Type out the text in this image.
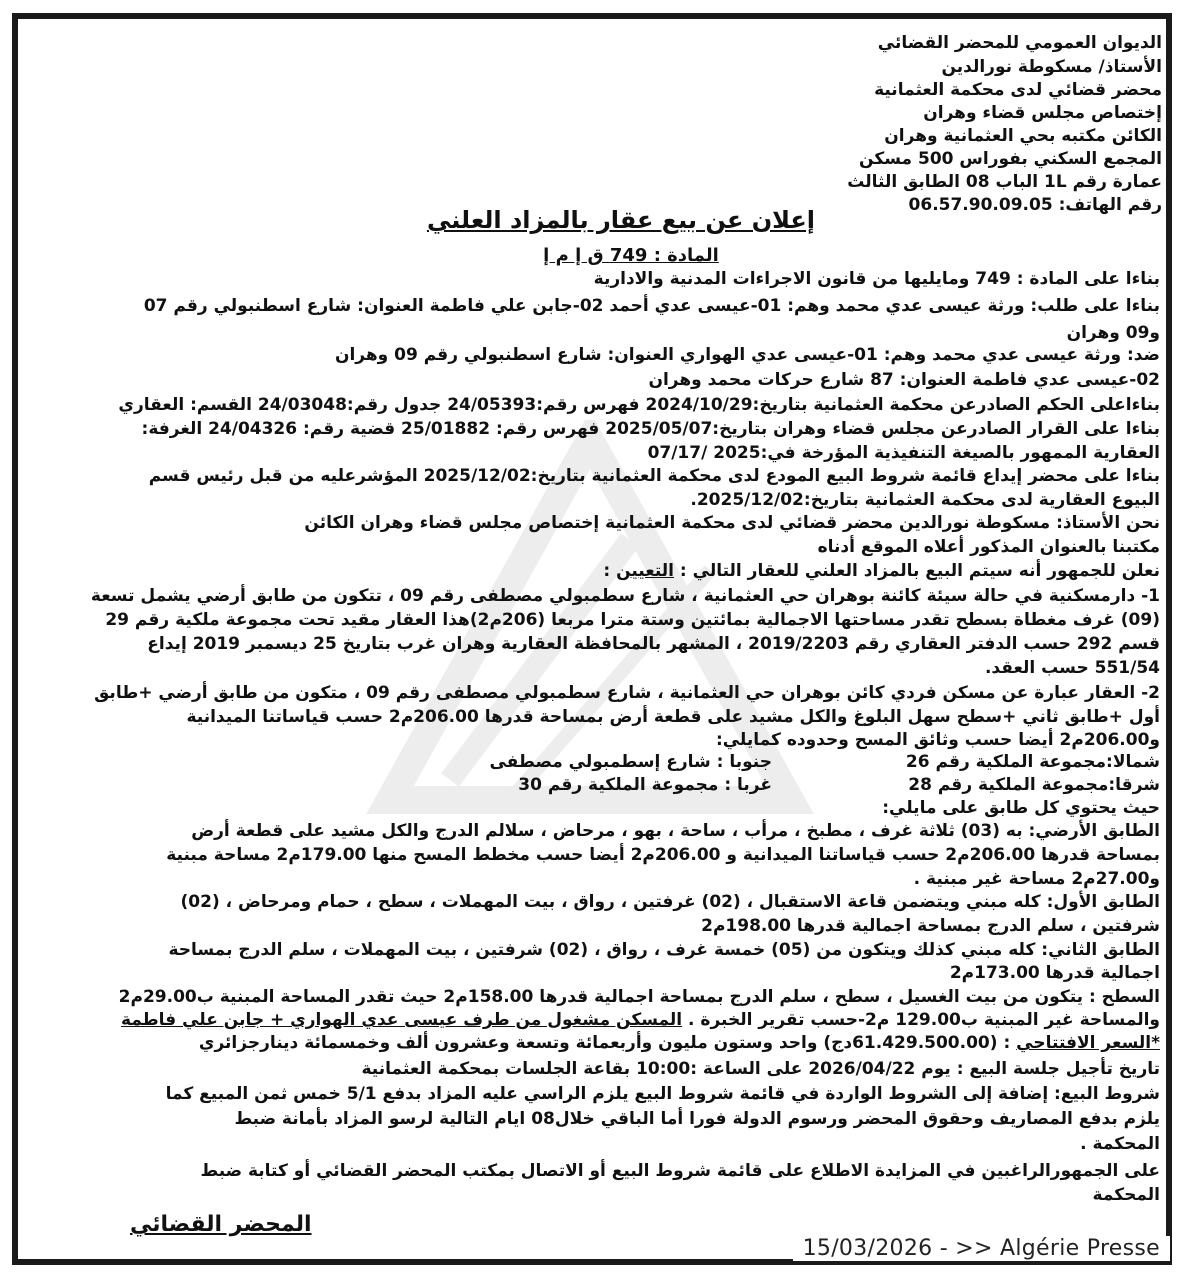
الديوان العمومي للمحضر القضائي
الأستاذ/ مسكوطة نورالدين
محضر قضائي لدى محكمة العثمانية
إختصاص مجلس قضاء وهران
الكائن مكتبه بحي العثمانية وهران
المجمع السكني بفوراس 500 مسكن
عمارة رقم 1L الباب 08 الطابق الثالث
رقم الهاتف: 06.57.90.09.05
إعلان عن بيع عقار بالمزاد العلني
المادة : 749 ق إ م إ
بناءا على المادة : 749 ومايليها من قانون الاجراءات المدنية والادارية
بناءا على طلب: ورثة عيسى عدي محمد وهم: 01-عيسى عدي أحمد 02-جابن علي فاطمة العنوان: شارع اسطنبولي رقم 07
و09 وهران
ضد: ورثة عيسى عدي محمد وهم: 01-عيسى عدي الهواري العنوان: شارع اسطنبولي رقم 09 وهران
02-عيسى عدي فاطمة العنوان: 87 شارع حركات محمد وهران
بناءاعلى الحكم الصادرعن محكمة العثمانية بتاريخ:2024/10/29 فهرس رقم:24/05393 جدول رقم:24/03048 القسم: العقاري
بناءا على القرار الصادرعن مجلس قضاء وهران بتاريخ:2025/05/07 فهرس رقم: 25/01882 قضية رقم: 24/04326 الغرفة:
العقارية الممهور بالصيغة التنفيذية المؤرخة في:2025 /07/17
بناءا على محضر إيداع قائمة شروط البيع المودع لدى محكمة العثمانية بتاريخ:2025/12/02 المؤشرعليه من قبل رئيس قسم
البيوع العقارية لدى محكمة العثمانية بتاريخ:2025/12/02.
نحن الأستاذ: مسكوطة نورالدين محضر قضائي لدى محكمة العثمانية إختصاص مجلس قضاء وهران الكائن
مكتبنا بالعنوان المذكور أعلاه الموقع أدناه
نعلن للجمهور أنه سيتم البيع بالمزاد العلني للعقار التالي : التعيين :
1- دارمسكنية في حالة سيئة كائنة بوهران حي العثمانية ، شارع سطمبولي مصطفى رقم 09 ، تتكون من طابق أرضي يشمل تسعة
(09) غرف مغطاة بسطح تقدر مساحتها الاجمالية بمائتين وستة مترا مربعا (206م2)هذا العقار مقيد تحت مجموعة ملكية رقم 29
قسم 292 حسب الدفتر العقاري رقم 2019/2203 ، المشهر بالمحافظة العقارية وهران غرب بتاريخ 25 ديسمبر 2019 إيداع
551/54 حسب العقد.
2- العقار عبارة عن مسكن فردي كائن بوهران حي العثمانية ، شارع سطمبولي مصطفى رقم 09 ، متكون من طابق أرضي +طابق
أول +طابق ثاني +سطح سهل البلوغ والكل مشيد على قطعة أرض بمساحة قدرها 206.00م2 حسب قياساتنا الميدانية
و206.00م2 أيضا حسب وثائق المسح وحدوده كمايلي:
شمالا:مجموعة الملكية رقم 26
جنوبا : شارع إسطمبولي مصطفى
شرقا:مجموعة الملكية رقم 28
غربا : مجموعة الملكية رقم 30
حيث يحتوي كل طابق على مايلي:
الطابق الأرضي: به (03) ثلاثة غرف ، مطبخ ، مرأب ، ساحة ، بهو ، مرحاض ، سلالم الدرج والكل مشيد على قطعة أرض
بمساحة قدرها 206.00م2 حسب قياساتنا الميدانية و 206.00م2 أيضا حسب مخطط المسح منها 179.00م2 مساحة مبنية
و27.00م2 مساحة غير مبنية .
الطابق الأول: كله مبني ويتضمن قاعة الاستقبال ، (02) غرفتين ، رواق ، بيت المهملات ، سطح ، حمام ومرحاض ، (02)
شرفتين ، سلم الدرج بمساحة اجمالية قدرها 198.00م2
الطابق الثاني: كله مبني كذلك ويتكون من (05) خمسة غرف ، رواق ، (02) شرفتين ، بيت المهملات ، سلم الدرج بمساحة
اجمالية قدرها 173.00م2
السطح : يتكون من بيت الغسيل ، سطح ، سلم الدرج بمساحة اجمالية قدرها 158.00م2 حيث تقدر المساحة المبنية ب29.00م2
والمساحة غير المبنية ب129.00 م2-حسب تقرير الخبرة . المسكن مشغول من طرف عيسى عدي الهواري + جابن علي فاطمة
*السعر الافتتاحي : (61.429.500.00دج) واحد وستون مليون وأربعمائة وتسعة وعشرون ألف وخمسمائة دينارجزائري
تاريخ تأجيل جلسة البيع : يوم 2026/04/22 على الساعة :10:00 بقاعة الجلسات بمحكمة العثمانية
شروط البيع: إضافة إلى الشروط الواردة في قائمة شروط البيع يلزم الراسي عليه المزاد بدفع 5/1 خمس ثمن المبيع كما
يلزم بدفع المصاريف وحقوق المحضر ورسوم الدولة فورا أما الباقي خلال08 ايام التالية لرسو المزاد بأمانة ضبط
المحكمة .
على الجمهورالراغبين في المزايدة الاطلاع على قائمة شروط البيع أو الاتصال بمكتب المحضر القضائي أو كتابة ضبط
المحكمة
المحضر القضائي
15/03/2026 - >> Algérie Presse
